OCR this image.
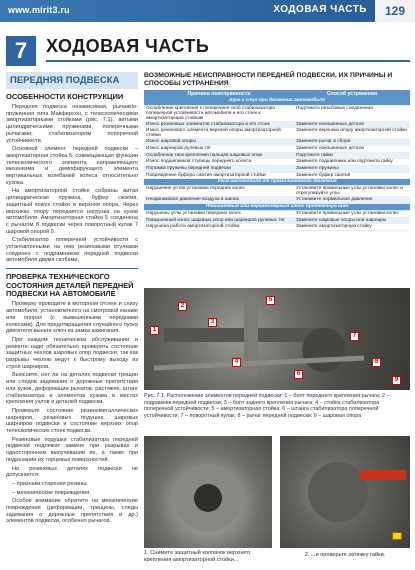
www.mirit3.ru	ХОДОВАЯ ЧАСТЬ	129
7	ХОДОВАЯ ЧАСТЬ
ПЕРЕДНЯЯ ПОДВЕСКА
ОСОБЕННОСТИ КОНСТРУКЦИИ

Передняя подвеска независимая, рычажно-пружинная типа Макферсон, с телескопическими амортизаторными стойками (рис. 7.1), витыми цилиндрическими пружинами, поперечными рычагами, стабилизатором поперечной устойчивости.

Основной элемент передней подвески – амортизаторная стойка 5, совмещающая функции телескопического элемента направляющего механизма и демпфирующего элемента вертикальных колебаний колеса относительно кузова.

На амортизаторной стойке собраны витая цилиндрическая пружина, буфер сжатия, защитный кожух стойки и верхняя опора. Через верхнюю опору передается нагрузка на кузов автомобиля. Амортизаторная стойка 5 соединена с рычагом 8 подвески через поворотный кулак 7 шаровой опорой 9.

Стабилизатор поперечной устойчивости с установленными на нем резиновыми втулками соединен с подрамником передней подвески автомобиля двумя скобами.

ПРОВЕРКА ТЕХНИЧЕСКОГО СОСТОЯНИЯ ДЕТАЛЕЙ ПЕРЕДНЕЙ ПОДВЕСКИ НА АВТОМОБИЛЕ

Проверку проводите в моторном отсеке и снизу автомобиля, установленного на смотровой канаве или опорах (с вывешенными передними колесами). Для предотвращения случайного пуска двигателя выньте ключ из замка зажигания.

При каждом техническом обслуживании и ремонте надо обязательно проверять состояние защитных чехлов шаровых опор подвески, так как разрывы чехлов ведут к быстрому выходу из строя шарниров.

Выясните, нет ли на деталях подвески трещин или следов задевания о дорожные препятствия или кузов, деформации рычагов, растяжек, штанг стабилизатора и элементов кузова в местах крепления узлов и деталей подвески.

Проверьте состояние резинометаллических шарниров, резиновых подушек, шаровых шарниров подвески и состояние верхних опор телескопических стоек подвески.

Резиновые подушки стабилизатора передней подвески подлежат замене при разрывах и одностороннем выпучивании их, а также при подрезании их торцевых поверхностей.

На резиновых деталях подвески не допускается:

– признаки старения резины;

– механические повреждения;

Особое внимание обратите на механические повреждения (деформации, трещины, следы задевания о дорожные препятствия и др.) элементов подвески, особенно рычагов.

ВОЗМОЖНЫЕ НЕИСПРАВНОСТИ ПЕРЕДНЕЙ ПОДВЕСКИ, ИХ ПРИЧИНЫ И СПОСОБЫ УСТРАНЕНИЯ
Причина неисправности	Способ устранения
Шум и стук при движении автомобиля	
Ослабление крепления к поперечине скоб стабилизатора поперечной устойчивости автомобиля и его стоек к амортизаторным стойкам	Подтяните резьбовые соединения
Износ резиновых элементов стабилизатора и его стоек	Замените изношенные детали
Износ резинового элемента верхней опоры амортизаторной стойки	Замените верхнюю опору амортизаторной стойки
Износ шаровой опоры	Замените рычаг в сборе
Износ шарниров рулевых тяг	Замените изношенные детали
Ослабление гаек крепления пальцев шаровых опор	Подтяните гайки
Износ подшипников ступицы переднего колеса	Замените подшипники или подтяните гайку
Поломка пружины передней подвески	Замените пружины
Повреждение буфера сжатия амортизаторной стойки	Замените буфер сжатия
Увод автомобиля от прямолинейного движения	
Нарушение углов установки передних колес	Установите правильные углы установки колес и отрегулируйте углы
Неодинаковое давление воздуха в шинах	Установите нормальное давление
Повышенный или неравномерный износ протектора шин	
Нарушены углы установки передних колес	Установите правильные углы установки колес
Повышенный износ шаровых опор или шарниров рулевых тяг	Замените шаровые опоры или шарниры
Нарушена работа амортизаторной стойки	Замените амортизаторную стойку
1
2
3
4
5
6
7
8
9
Рис. 7.1. Расположение элементов передней подвески: 1 – болт переднего крепления рычага; 2 – подрамник передней подвески; 3 – болт заднего крепления рычага; 4 – стойка стабилизатора поперечной устойчивости; 5 – амортизаторная стойка; 6 – штанга стабилизатора поперечной устойчивости; 7 – поворотный кулак; 8 – рычаг передней подвески; 9 – шаровая опора
1. Снимите защитный колпачок верхнего крепления амортизаторной стойки...
2. ...и проверьте затяжку гайки.
